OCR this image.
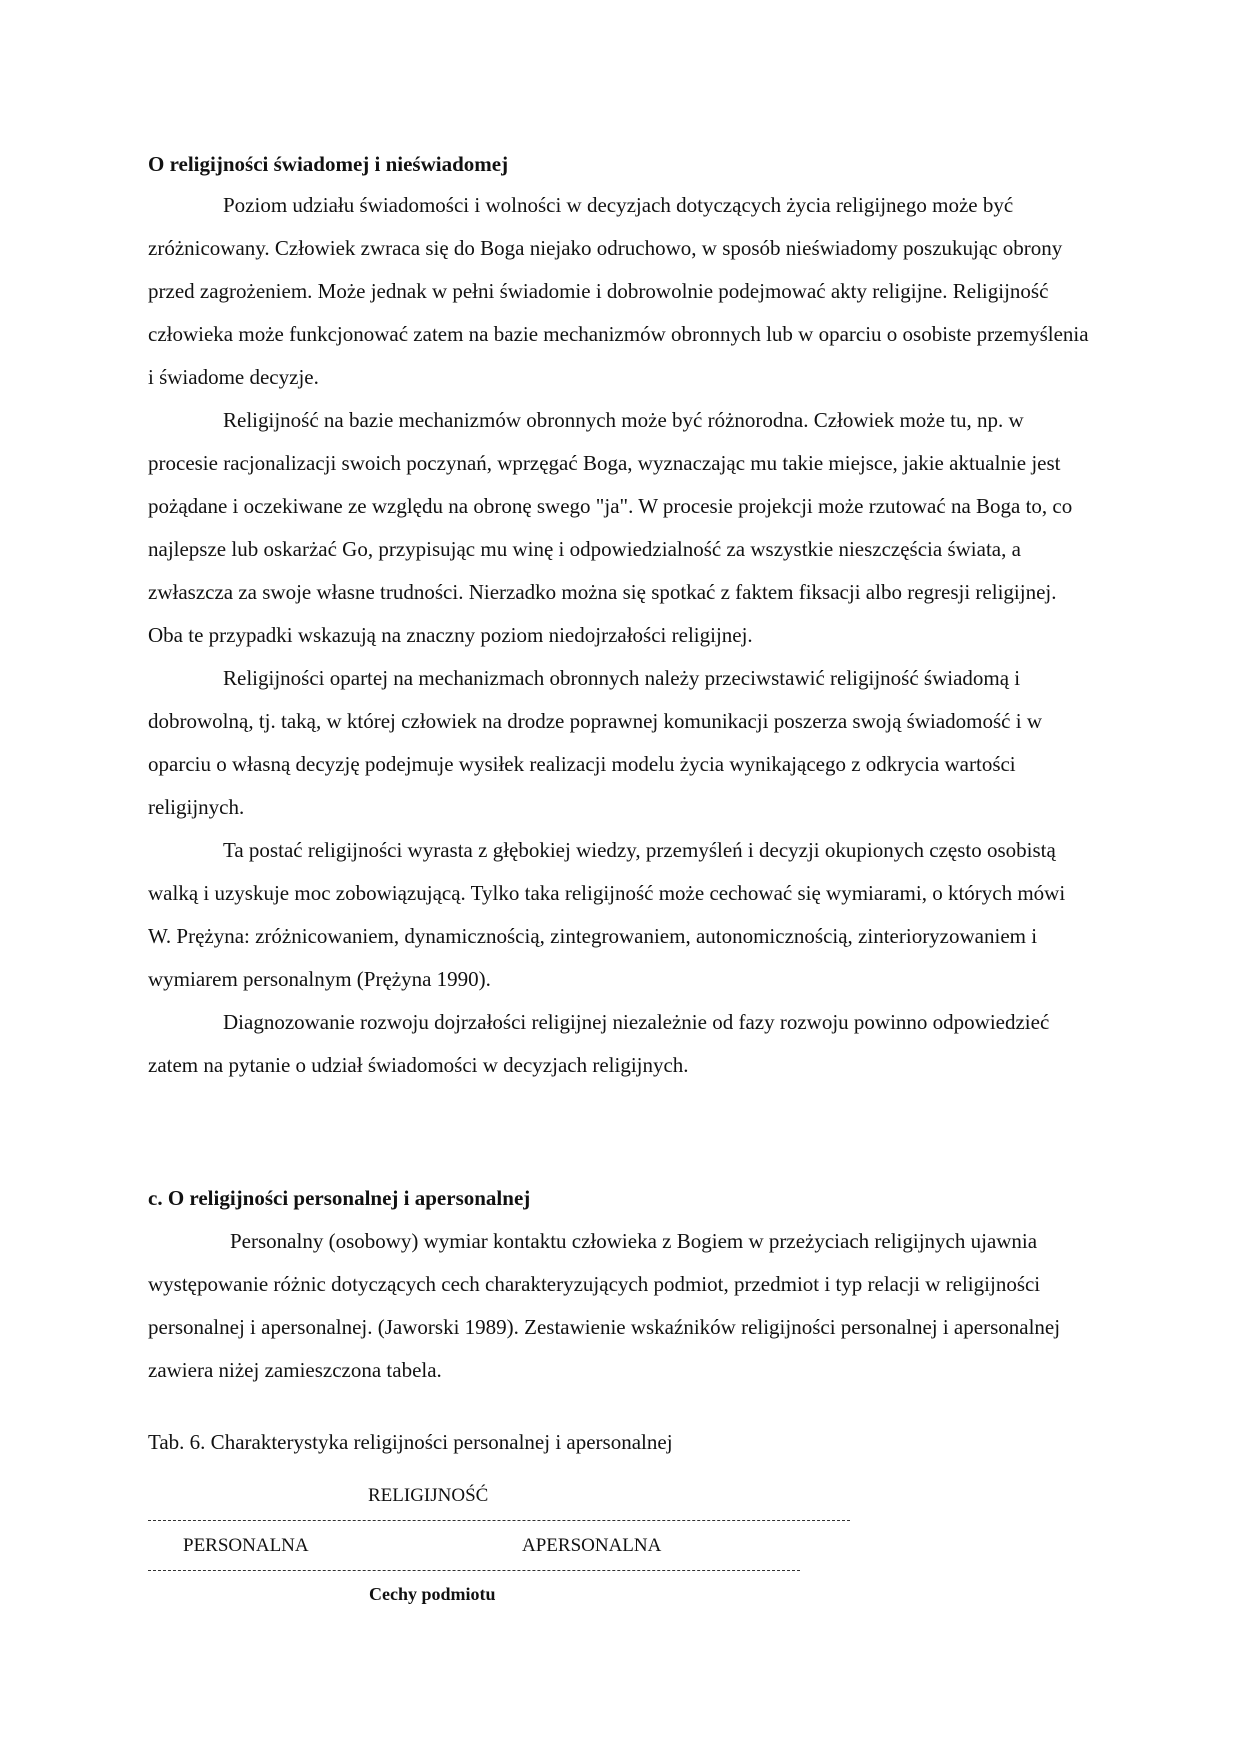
O religijności świadomej i nieświadomej

Poziom udziału świadomości i wolności w decyzjach dotyczących życia religijnego może być zróżnicowany. Człowiek zwraca się do Boga niejako odruchowo, w sposób nieświadomy poszukując obrony przed zagrożeniem. Może jednak w pełni świadomie i dobrowolnie podejmować akty religijne. Religijność człowieka może funkcjonować zatem na bazie mechanizmów obronnych lub w oparciu o osobiste przemyślenia i świadome decyzje.

Religijność na bazie mechanizmów obronnych może być różnorodna. Człowiek może tu, np. w procesie racjonalizacji swoich poczynań, wprzęgać Boga, wyznaczając mu takie miejsce, jakie aktualnie jest pożądane i oczekiwane ze względu na obronę swego "ja". W procesie projekcji może rzutować na Boga to, co najlepsze lub oskarżać Go, przypisując mu winę i odpowiedzialność za wszystkie nieszczęścia świata, a zwłaszcza za swoje własne trudności. Nierzadko można się spotkać z faktem fiksacji albo regresji religijnej. Oba te przypadki wskazują na znaczny poziom niedojrzałości religijnej.

Religijności opartej na mechanizmach obronnych należy przeciwstawić religijność świadomą i dobrowolną, tj. taką, w której człowiek na drodze poprawnej komunikacji poszerza swoją świadomość i w oparciu o własną decyzję podejmuje wysiłek realizacji modelu życia wynikającego z odkrycia wartości religijnych.

Ta postać religijności wyrasta z głębokiej wiedzy, przemyśleń i decyzji okupionych często osobistą walką i uzyskuje moc zobowiązującą. Tylko taka religijność może cechować się wymiarami, o których mówi W. Prężyna: zróżnicowaniem, dynamicznością, zintegrowaniem, autonomicznością, zinterioryzowaniem i wymiarem personalnym (Prężyna 1990).

Diagnozowanie rozwoju dojrzałości religijnej niezależnie od fazy rozwoju powinno odpowiedzieć zatem na pytanie o udział świadomości w decyzjach religijnych.

c. O religijności personalnej i apersonalnej

Personalny (osobowy) wymiar kontaktu człowieka z Bogiem w przeżyciach religijnych ujawnia występowanie różnic dotyczących cech charakteryzujących podmiot, przedmiot i typ relacji w religijności personalnej i apersonalnej. (Jaworski 1989). Zestawienie wskaźników religijności personalnej i apersonalnej zawiera niżej zamieszczona tabela.

Tab. 6. Charakterystyka religijności personalnej i apersonalnej
RELIGIJNOŚĆ
PERSONALNA	APERSONALNA
Cechy podmiotu
